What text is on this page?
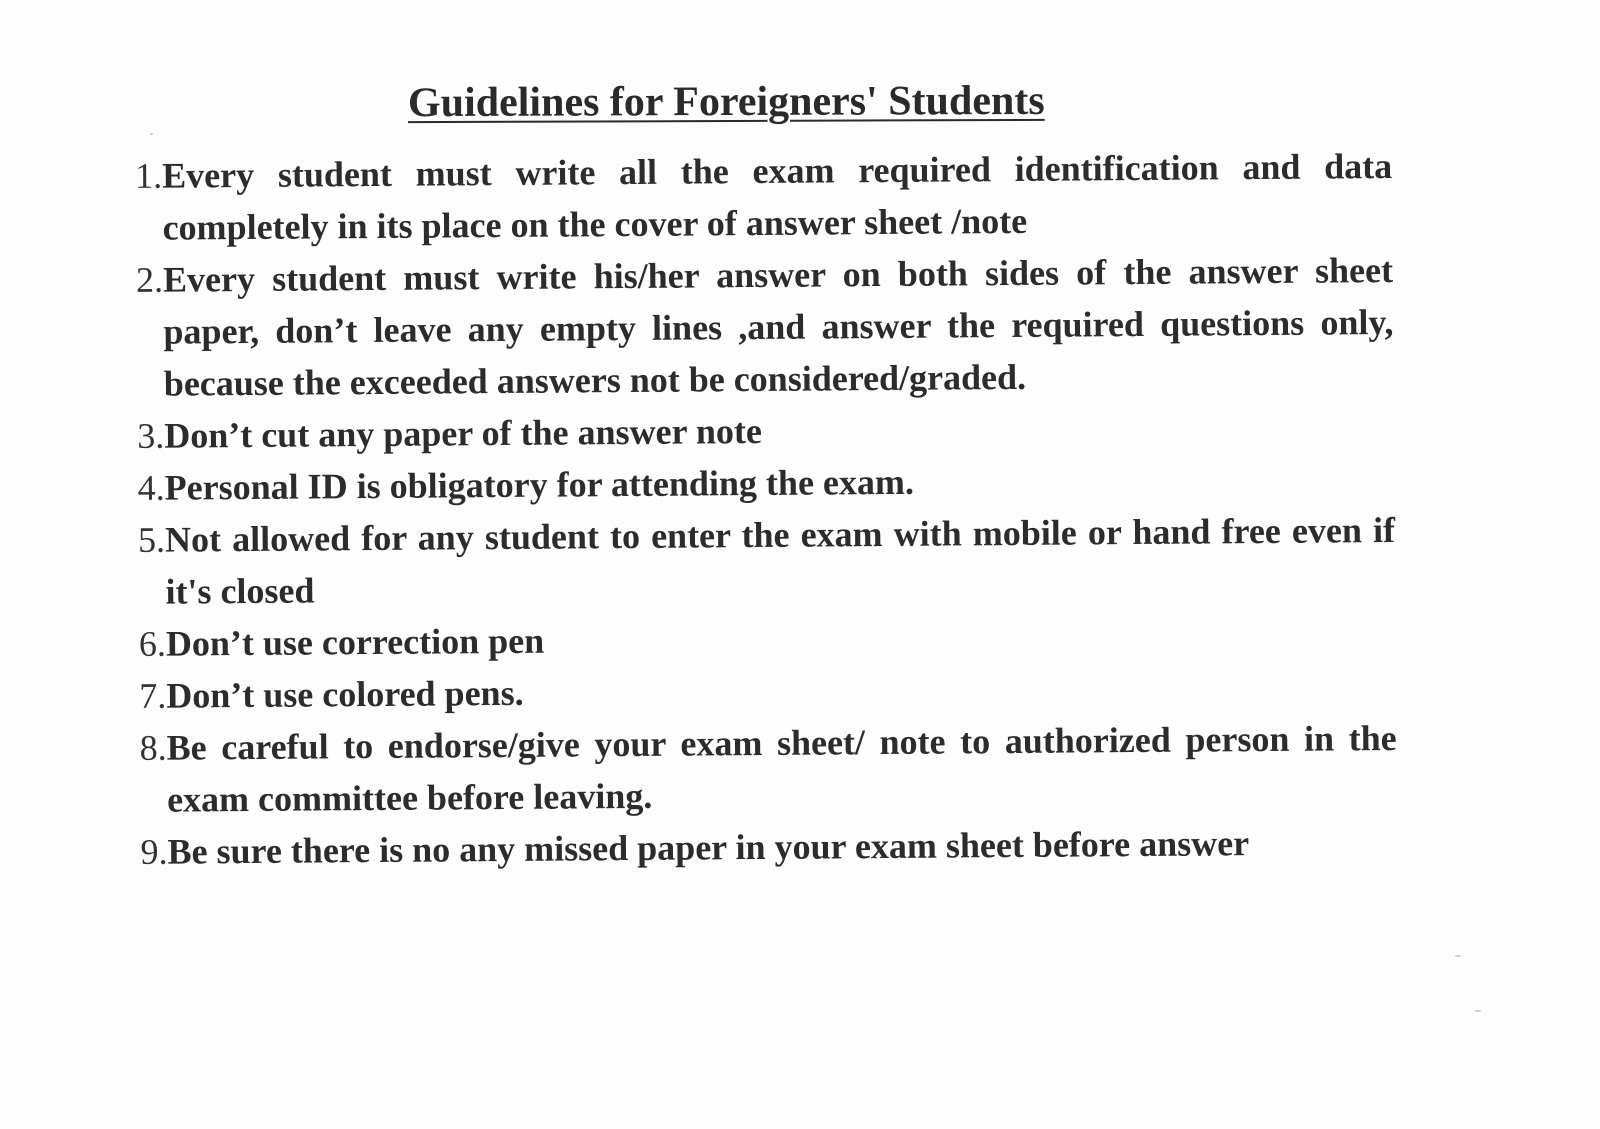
Guidelines for Foreigners' Students
1. Every student must write all the exam required identification and data completely in its place on the cover of answer sheet /note
2. Every student must write his/her answer on both sides of the answer sheet paper, don’t leave any empty lines ,and answer the required questions only, because the exceeded answers not be considered/graded.
3. Don’t cut any paper of the answer note
4. Personal ID is obligatory for attending the exam.
5. Not allowed for any student to enter the exam with mobile or hand free even if it's closed
6. Don’t use correction pen
7. Don’t use colored pens.
8. Be careful to endorse/give your exam sheet/ note to authorized person in the exam committee before leaving.
9. Be sure there is no any missed paper in your exam sheet before answer
